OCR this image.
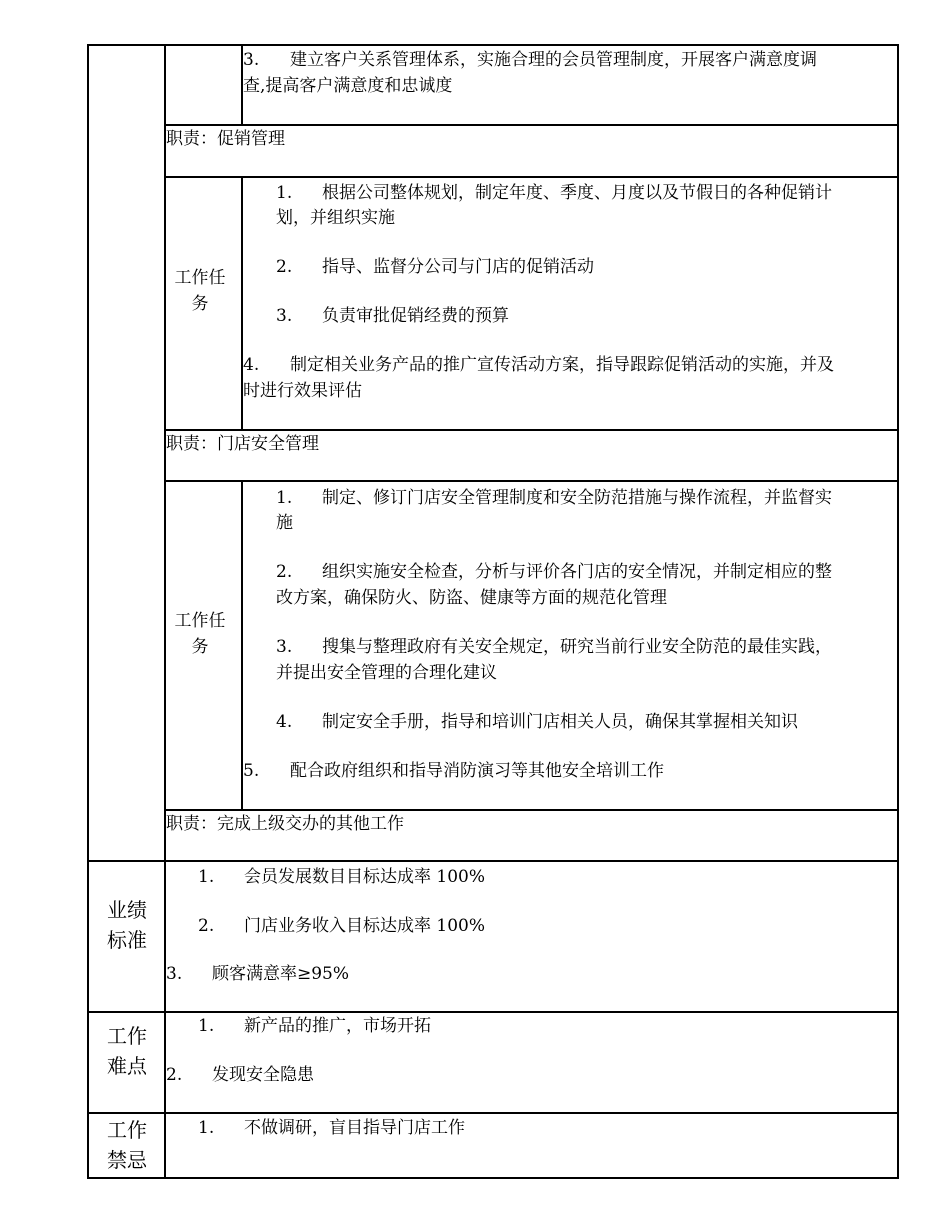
3. 建立客户关系管理体系，实施合理的会员管理制度，开展客户满意度调
查,提高客户满意度和忠诚度
职责：促销管理
工作任务
1. 根据公司整体规划，制定年度、季度、月度以及节假日的各种促销计
划，并组织实施
2. 指导、监督分公司与门店的促销活动
3. 负责审批促销经费的预算
4. 制定相关业务产品的推广宣传活动方案，指导跟踪促销活动的实施，并及
时进行效果评估
职责：门店安全管理
工作任务
1. 制定、修订门店安全管理制度和安全防范措施与操作流程，并监督实
施
2. 组织实施安全检查，分析与评价各门店的安全情况，并制定相应的整
改方案，确保防火、防盗、健康等方面的规范化管理
3. 搜集与整理政府有关安全规定，研究当前行业安全防范的最佳实践，
并提出安全管理的合理化建议
4. 制定安全手册，指导和培训门店相关人员，确保其掌握相关知识
5. 配合政府组织和指导消防演习等其他安全培训工作
职责：完成上级交办的其他工作
业绩标准
1. 会员发展数目目标达成率 100%
2. 门店业务收入目标达成率 100%
3. 顾客满意率≥95%
工作难点
1. 新产品的推广，市场开拓
2. 发现安全隐患
工作禁忌
1. 不做调研，盲目指导门店工作
